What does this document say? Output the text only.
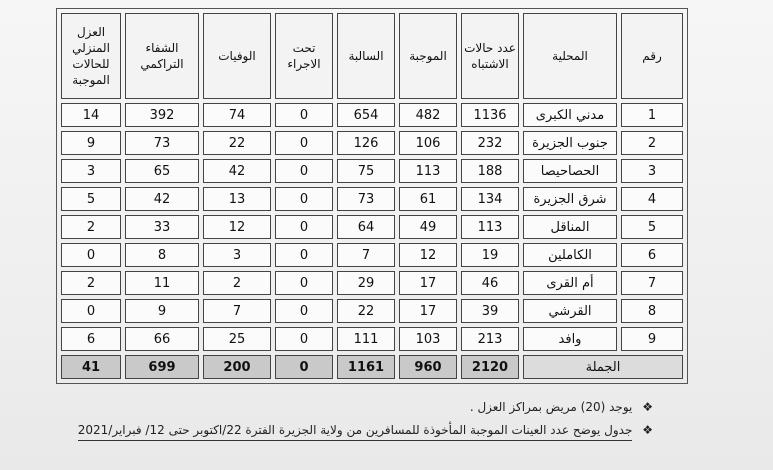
رقم	المحلية	عدد حالات الاشتباه	الموجبة	السالبة	تحت الاجراء	الوفيات	الشفاء التراكمي	العزل المنزلي للحالات الموجبة
1	مدني الكبرى	1136	482	654	0	74	392	14
2	جنوب الجزيرة	232	106	126	0	22	73	9
3	الحصاحيصا	188	113	75	0	42	65	3
4	شرق الجزيرة	134	61	73	0	13	42	5
5	المناقل	113	49	64	0	12	33	2
6	الكاملين	19	12	7	0	3	8	0
7	أم القرى	46	17	29	0	2	11	2
8	القرشي	39	17	22	0	7	9	0
9	وافد	213	103	111	0	25	66	6
الجملة		2120	960	1161	0	200	699	41
❖ يوجد (20) مريض بمراكز العزل .
❖ جدول يوضح عدد العينات الموجبة المأخوذة للمسافرين من ولاية الجزيرة الفترة 22/اكتوبر حتى 12/ فبراير/2021
